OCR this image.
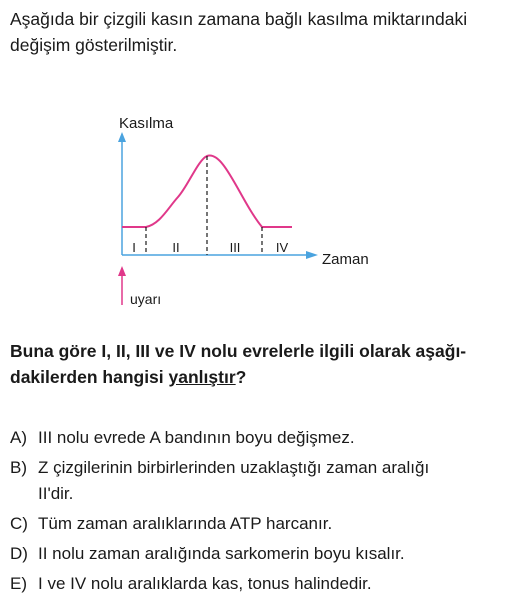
Aşağıda bir çizgili kasın zamana bağlı kasılma miktarındaki
değişim gösterilmiştir.
Kasılma
Zaman
I	II	III	IV
uyarı
Buna göre I, II, III ve IV nolu evrelerle ilgili olarak aşağı-
dakilerden hangisi yanlıştır?
A) III nolu evrede A bandının boyu değişmez.
B) Z çizgilerinin birbirlerinden uzaklaştığı zaman aralığı
II'dir.
C) Tüm zaman aralıklarında ATP harcanır.
D) II nolu zaman aralığında sarkomerin boyu kısalır.
E) I ve IV nolu aralıklarda kas, tonus halindedir.
